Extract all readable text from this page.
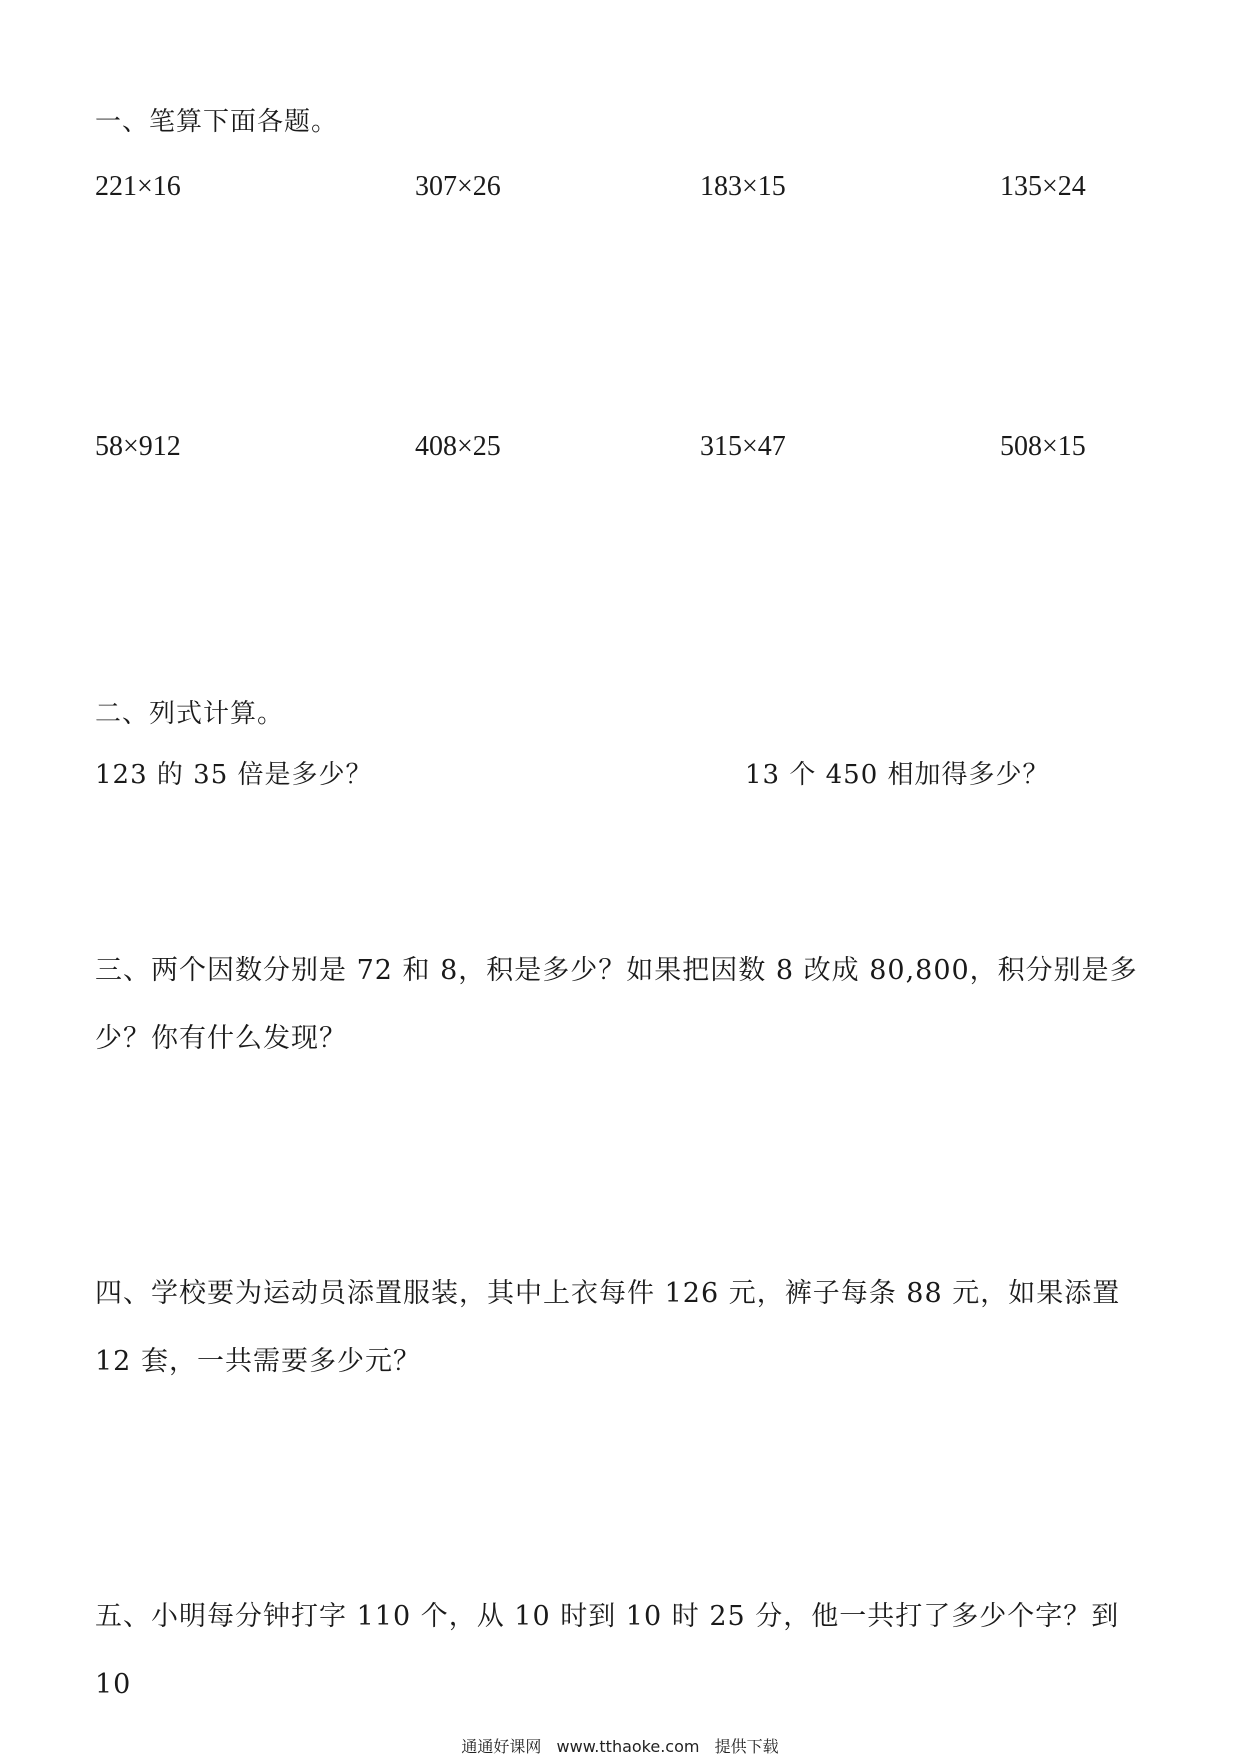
一、笔算下面各题。
221×16	307×26	183×15	135×24
58×912	408×25	315×47	508×15
二、列式计算。
123 的 35 倍是多少？	13 个 450 相加得多少？
三、两个因数分别是 72 和 8，积是多少？如果把因数 8 改成 80,800，积分别是多少？你有什么发现？
四、学校要为运动员添置服装，其中上衣每件 126 元，裤子每条 88 元，如果添置 12 套，一共需要多少元？
五、小明每分钟打字 110 个，从 10 时到 10 时 25 分，他一共打了多少个字？到 10
通通好课网 www.tthaoke.com 提供下载
